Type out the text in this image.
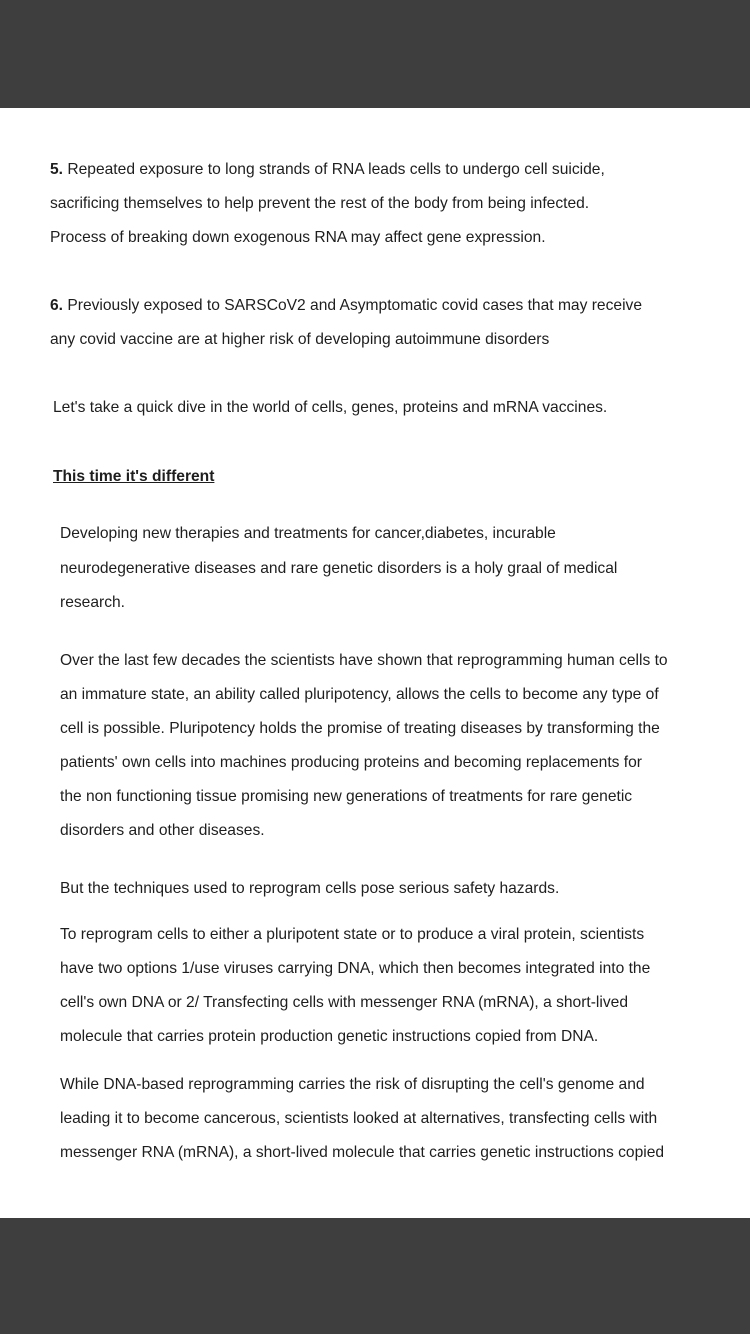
5. Repeated exposure to long strands of RNA leads cells to undergo cell suicide,
sacrificing themselves to help prevent the rest of the body from being infected.
Process of breaking down exogenous RNA may affect gene expression.
6. Previously exposed to SARSCoV2 and Asymptomatic covid cases that may receive
any covid vaccine are at higher risk of developing autoimmune disorders
Let's take a quick dive in the world of cells, genes, proteins and mRNA vaccines.
This time it's different
Developing new therapies and treatments for cancer,diabetes, incurable
neurodegenerative diseases and rare genetic disorders is a holy graal of medical
research.
Over the last few decades the scientists have shown that reprogramming human cells to
an immature state, an ability called pluripotency, allows the cells to become any type of
cell is possible. Pluripotency holds the promise of treating diseases by transforming the
patients' own cells into machines producing proteins and becoming replacements for
the non functioning tissue promising new generations of treatments for rare genetic
disorders and other diseases.
But the techniques used to reprogram cells pose serious safety hazards.
To reprogram cells to either a pluripotent state or to produce a viral protein, scientists
have two options 1/use viruses carrying DNA, which then becomes integrated into the
cell's own DNA or 2/ Transfecting cells with messenger RNA (mRNA), a short-lived
molecule that carries protein production genetic instructions copied from DNA.
While DNA-based reprogramming carries the risk of disrupting the cell's genome and
leading it to become cancerous, scientists looked at alternatives, transfecting cells with
messenger RNA (mRNA), a short-lived molecule that carries genetic instructions copied
